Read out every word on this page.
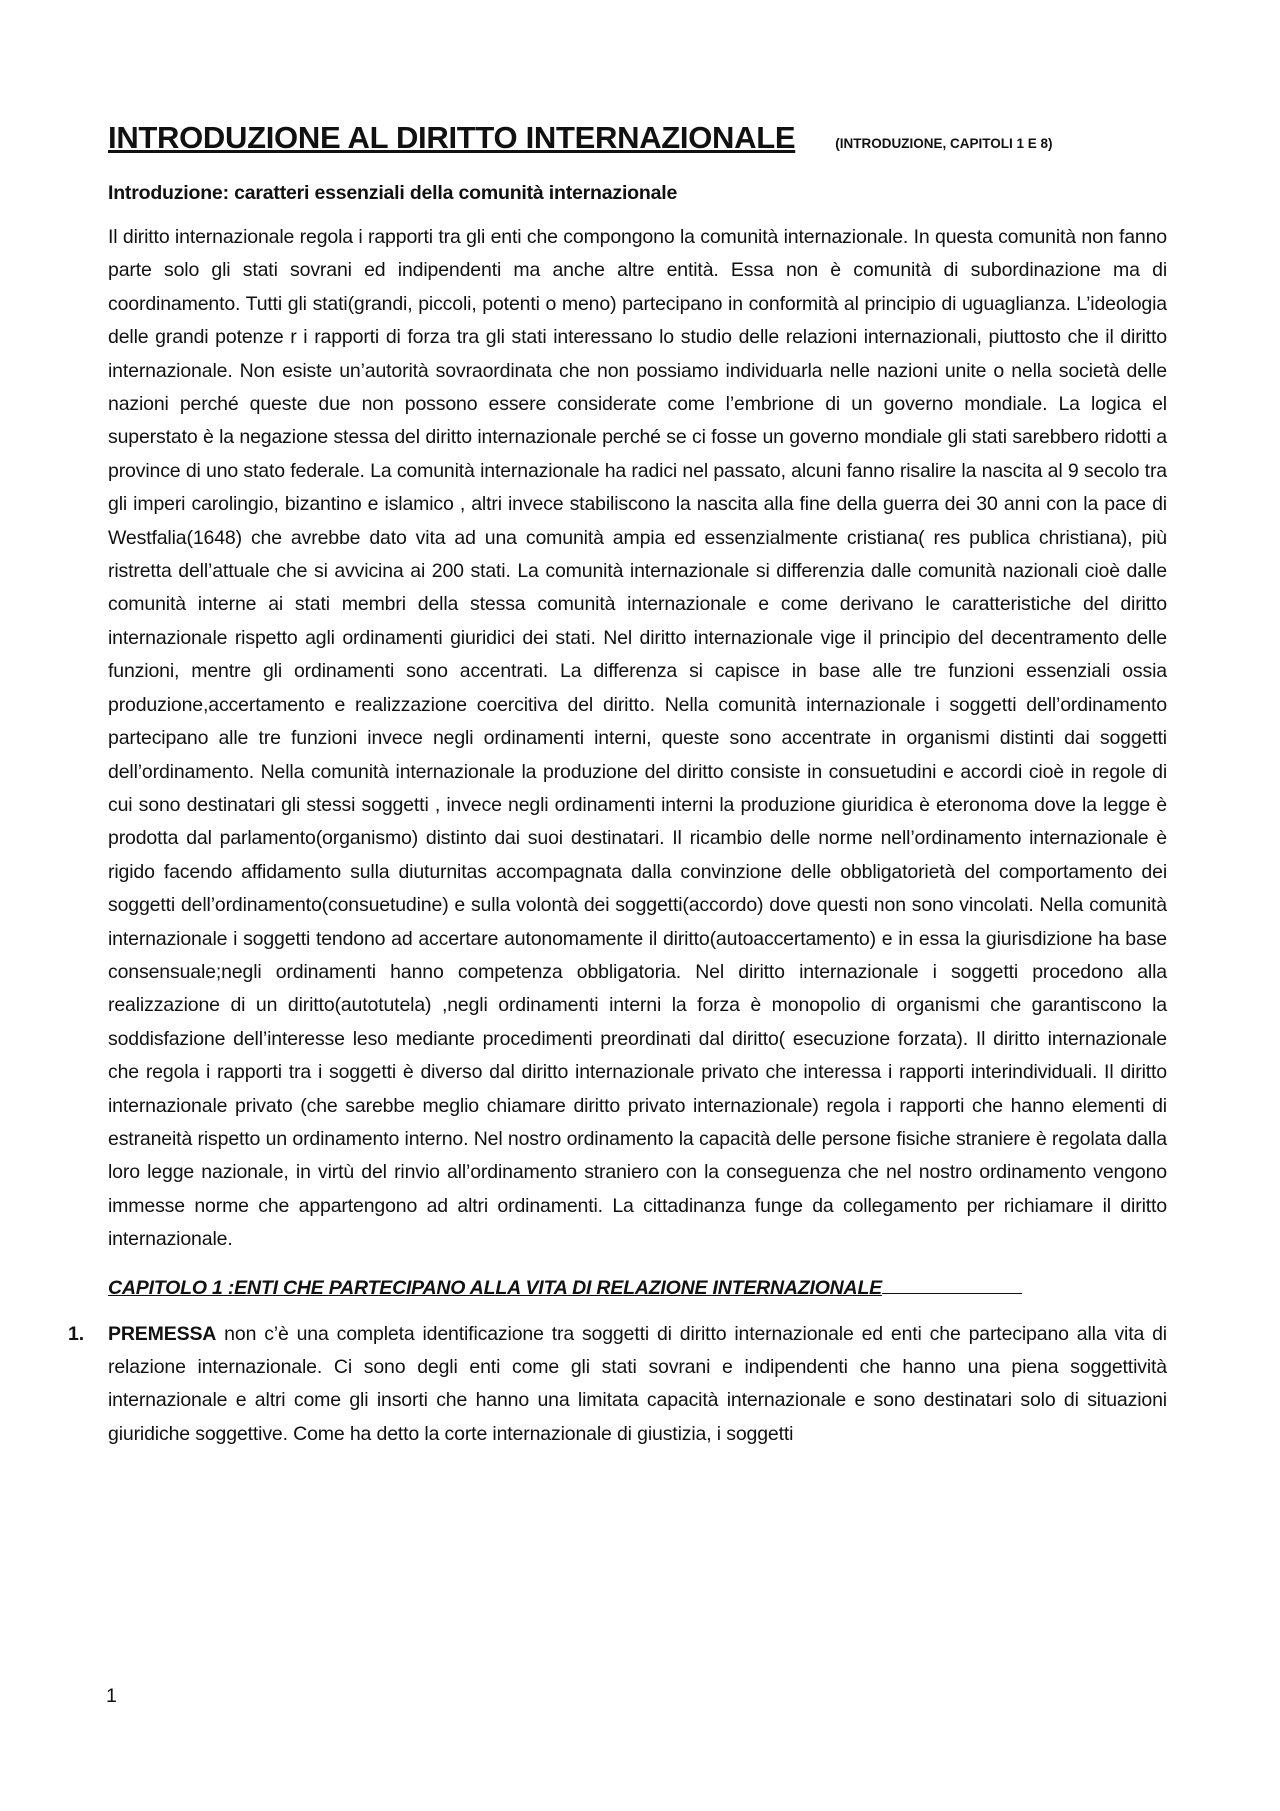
INTRODUZIONE AL DIRITTO INTERNAZIONALE	(INTRODUZIONE, CAPITOLI 1 E 8)
Introduzione: caratteri essenziali della comunità internazionale

Il diritto internazionale regola i rapporti tra gli enti che compongono la comunità internazionale. In questa comunità non fanno parte solo gli stati sovrani ed indipendenti ma anche altre entità. Essa non è comunità di subordinazione ma di coordinamento. Tutti gli stati(grandi, piccoli, potenti o meno) partecipano in conformità al principio di uguaglianza. L’ideologia delle grandi potenze r i rapporti di forza tra gli stati interessano lo studio delle relazioni internazionali, piuttosto che il diritto internazionale. Non esiste un’autorità sovraordinata che non possiamo individuarla nelle nazioni unite o nella società delle nazioni perché queste due non possono essere considerate come l’embrione di un governo mondiale. La logica el superstato è la negazione stessa del diritto internazionale perché se ci fosse un governo mondiale gli stati sarebbero ridotti a province di uno stato federale. La comunità internazionale ha radici nel passato, alcuni fanno risalire la nascita al 9 secolo tra gli imperi carolingio, bizantino e islamico , altri invece stabiliscono la nascita alla fine della guerra dei 30 anni con la pace di Westfalia(1648) che avrebbe dato vita ad una comunità ampia ed essenzialmente cristiana( res publica christiana), più ristretta dell’attuale che si avvicina ai 200 stati. La comunità internazionale si differenzia dalle comunità nazionali cioè dalle comunità interne ai stati membri della stessa comunità internazionale e come derivano le caratteristiche del diritto internazionale rispetto agli ordinamenti giuridici dei stati. Nel diritto internazionale vige il principio del decentramento delle funzioni, mentre gli ordinamenti sono accentrati. La differenza si capisce in base alle tre funzioni essenziali ossia produzione,accertamento e realizzazione coercitiva del diritto. Nella comunità internazionale i soggetti dell’ordinamento partecipano alle tre funzioni invece negli ordinamenti interni, queste sono accentrate in organismi distinti dai soggetti dell’ordinamento. Nella comunità internazionale la produzione del diritto consiste in consuetudini e accordi cioè in regole di cui sono destinatari gli stessi soggetti , invece negli ordinamenti interni la produzione giuridica è eteronoma dove la legge è prodotta dal parlamento(organismo) distinto dai suoi destinatari. Il ricambio delle norme nell’ordinamento internazionale è rigido facendo affidamento sulla diuturnitas accompagnata dalla convinzione delle obbligatorietà del comportamento dei soggetti dell’ordinamento(consuetudine) e sulla volontà dei soggetti(accordo) dove questi non sono vincolati. Nella comunità internazionale i soggetti tendono ad accertare autonomamente il diritto(autoaccertamento) e in essa la giurisdizione ha base consensuale;negli ordinamenti hanno competenza obbligatoria. Nel diritto internazionale i soggetti procedono alla realizzazione di un diritto(autotutela) ,negli ordinamenti interni la forza è monopolio di organismi che garantiscono la soddisfazione dell’interesse leso mediante procedimenti preordinati dal diritto( esecuzione forzata). Il diritto internazionale che regola i rapporti tra i soggetti è diverso dal diritto internazionale privato che interessa i rapporti interindividuali. Il diritto internazionale privato (che sarebbe meglio chiamare diritto privato internazionale) regola i rapporti che hanno elementi di estraneità rispetto un ordinamento interno. Nel nostro ordinamento la capacità delle persone fisiche straniere è regolata dalla loro legge nazionale, in virtù del rinvio all’ordinamento straniero con la conseguenza che nel nostro ordinamento vengono immesse norme che appartengono ad altri ordinamenti. La cittadinanza funge da collegamento per richiamare il diritto internazionale.

CAPITOLO 1 :ENTI CHE PARTECIPANO ALLA VITA DI RELAZIONE INTERNAZIONALE
1. PREMESSA non c’è una completa identificazione tra soggetti di diritto internazionale ed enti che partecipano alla vita di relazione internazionale. Ci sono degli enti come gli stati sovrani e indipendenti che hanno una piena soggettività internazionale e altri come gli insorti che hanno una limitata capacità internazionale e sono destinatari solo di situazioni giuridiche soggettive. Come ha detto la corte internazionale di giustizia, i soggetti
1
